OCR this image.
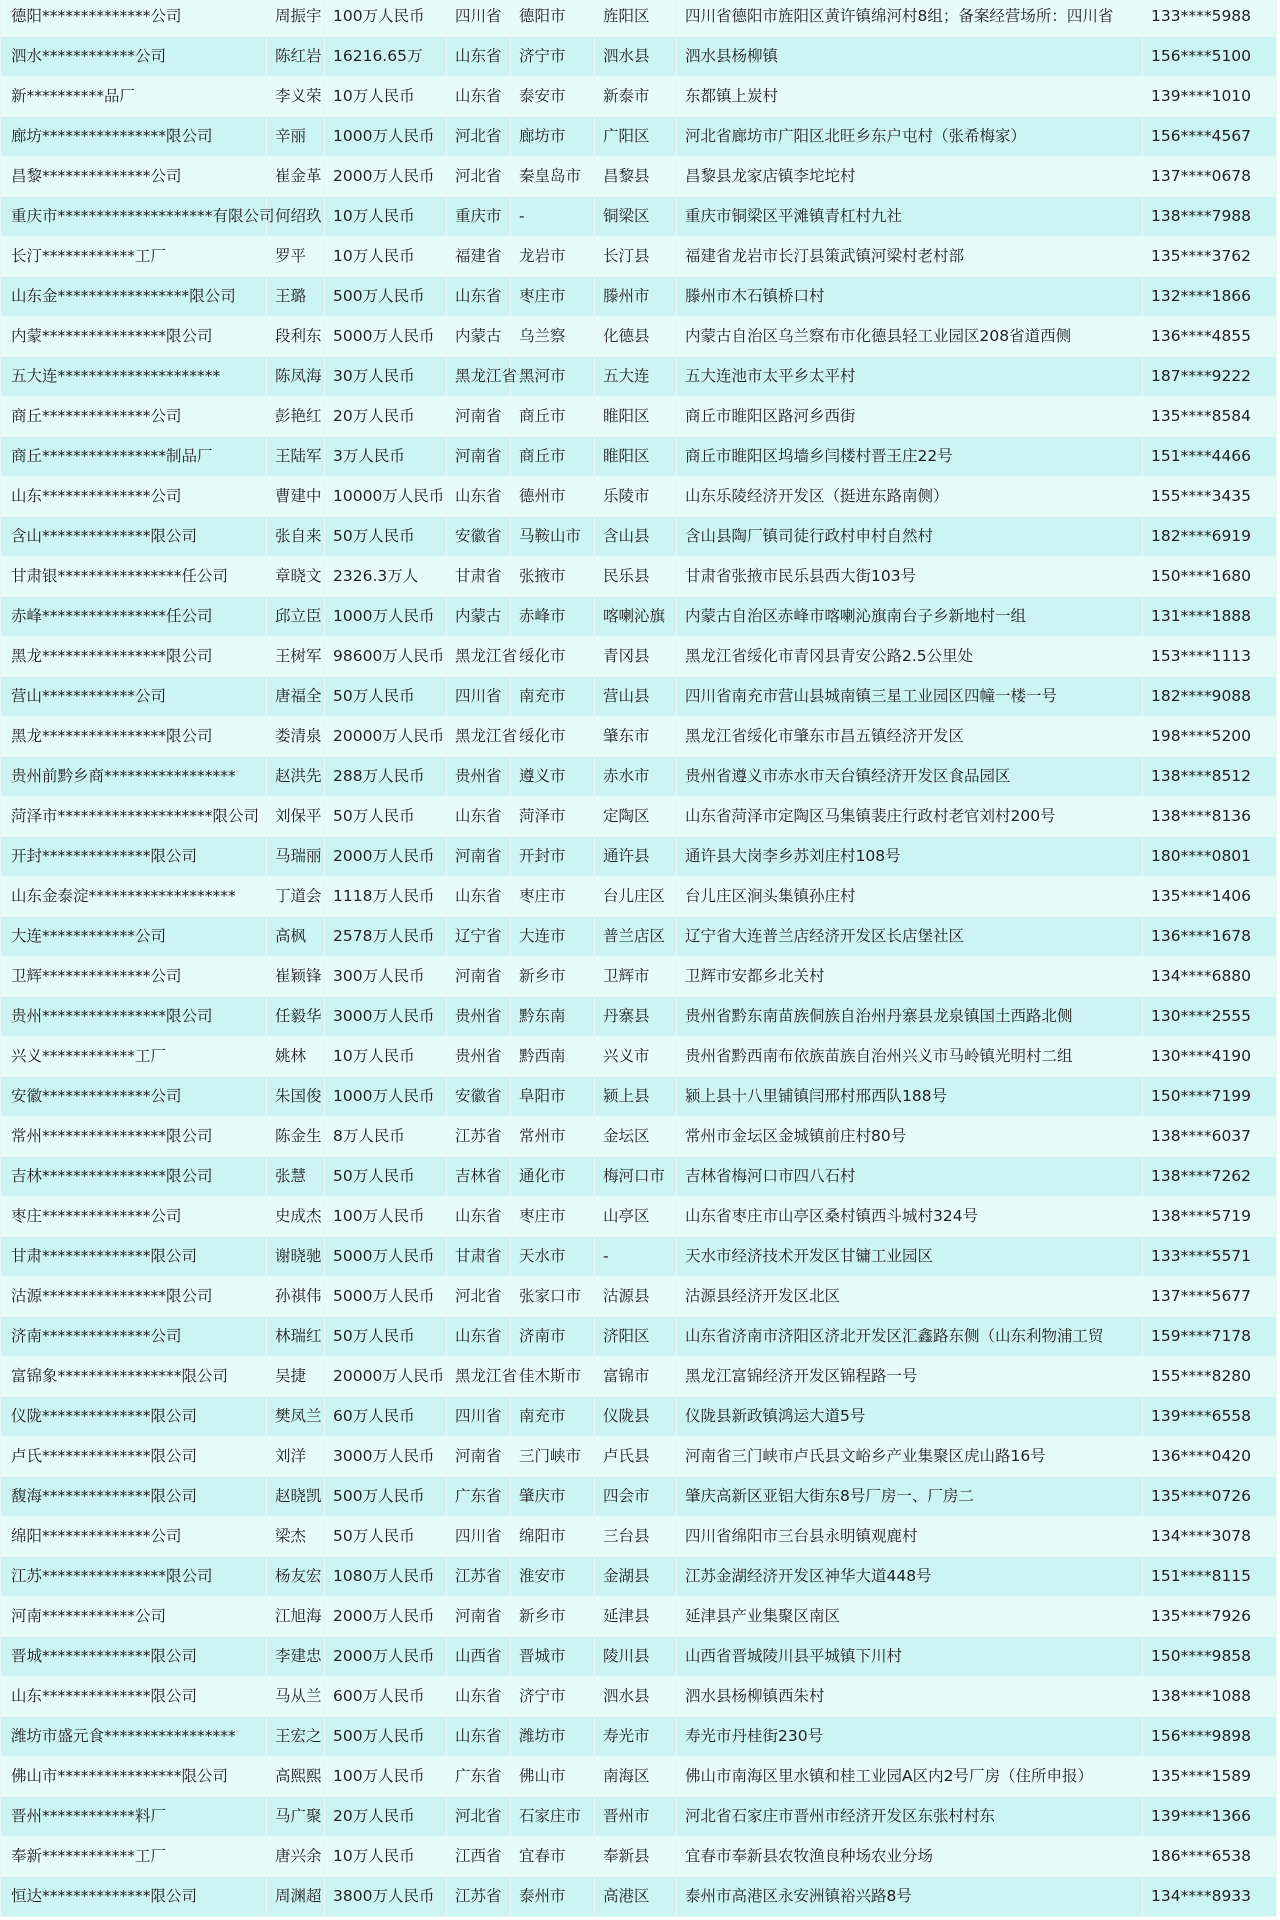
德阳**************公司	周振宇	100万人民币	四川省	德阳市	旌阳区	四川省德阳市旌阳区黄许镇绵河村8组；备案经营场所：四川省	133****5988
泗水************公司	陈红岩	16216.65万	山东省	济宁市	泗水县	泗水县杨柳镇	156****5100
新**********品厂	李义荣	10万人民币	山东省	泰安市	新泰市	东都镇上炭村	139****1010
廊坊****************限公司	辛丽	1000万人民币	河北省	廊坊市	广阳区	河北省廊坊市广阳区北旺乡东户屯村（张希梅家）	156****4567
昌黎**************公司	崔金革	2000万人民币	河北省	秦皇岛市	昌黎县	昌黎县龙家店镇李坨坨村	137****0678
重庆市********************有限公司	何绍玖	10万人民币	重庆市	-	铜梁区	重庆市铜梁区平滩镇青杠村九社	138****7988
长汀************工厂	罗平	10万人民币	福建省	龙岩市	长汀县	福建省龙岩市长汀县策武镇河梁村老村部	135****3762
山东金*****************限公司	王璐	500万人民币	山东省	枣庄市	滕州市	滕州市木石镇桥口村	132****1866
内蒙****************限公司	段利东	5000万人民币	内蒙古	乌兰察	化德县	内蒙古自治区乌兰察布市化德县轻工业园区208省道西侧	136****4855
五大连*********************	陈凤海	30万人民币	黑龙江省	黑河市	五大连	五大连池市太平乡太平村	187****9222
商丘**************公司	彭艳红	20万人民币	河南省	商丘市	睢阳区	商丘市睢阳区路河乡西街	135****8584
商丘****************制品厂	王陆军	3万人民币	河南省	商丘市	睢阳区	商丘市睢阳区坞墙乡闫楼村晋王庄22号	151****4466
山东**************公司	曹建中	10000万人民币	山东省	德州市	乐陵市	山东乐陵经济开发区（挺进东路南侧）	155****3435
含山**************限公司	张自来	50万人民币	安徽省	马鞍山市	含山县	含山县陶厂镇司徒行政村申村自然村	182****6919
甘肃银****************任公司	章晓文	2326.3万人	甘肃省	张掖市	民乐县	甘肃省张掖市民乐县西大街103号	150****1680
赤峰****************任公司	邱立臣	1000万人民币	内蒙古	赤峰市	喀喇沁旗	内蒙古自治区赤峰市喀喇沁旗南台子乡新地村一组	131****1888
黑龙****************限公司	王树军	98600万人民币	黑龙江省	绥化市	青冈县	黑龙江省绥化市青冈县青安公路2.5公里处	153****1113
营山************公司	唐福全	50万人民币	四川省	南充市	营山县	四川省南充市营山县城南镇三星工业园区四幢一楼一号	182****9088
黑龙****************限公司	娄清泉	20000万人民币	黑龙江省	绥化市	肇东市	黑龙江省绥化市肇东市昌五镇经济开发区	198****5200
贵州前黔乡商*****************	赵洪先	288万人民币	贵州省	遵义市	赤水市	贵州省遵义市赤水市天台镇经济开发区食品园区	138****8512
菏泽市********************限公司	刘保平	50万人民币	山东省	菏泽市	定陶区	山东省菏泽市定陶区马集镇裴庄行政村老官刘村200号	138****8136
开封**************限公司	马瑞丽	2000万人民币	河南省	开封市	通许县	通许县大岗李乡苏刘庄村108号	180****0801
山东金泰淀*******************	丁道会	1118万人民币	山东省	枣庄市	台儿庄区	台儿庄区涧头集镇孙庄村	135****1406
大连************公司	高枫	2578万人民币	辽宁省	大连市	普兰店区	辽宁省大连普兰店经济开发区长店堡社区	136****1678
卫辉**************公司	崔颖锋	300万人民币	河南省	新乡市	卫辉市	卫辉市安都乡北关村	134****6880
贵州****************限公司	任毅华	3000万人民币	贵州省	黔东南	丹寨县	贵州省黔东南苗族侗族自治州丹寨县龙泉镇国土西路北侧	130****2555
兴义************工厂	姚林	10万人民币	贵州省	黔西南	兴义市	贵州省黔西南布依族苗族自治州兴义市马岭镇光明村二组	130****4190
安徽**************公司	朱国俊	1000万人民币	安徽省	阜阳市	颍上县	颍上县十八里铺镇闫邢村邢西队188号	150****7199
常州****************限公司	陈金生	8万人民币	江苏省	常州市	金坛区	常州市金坛区金城镇前庄村80号	138****6037
吉林****************限公司	张慧	50万人民币	吉林省	通化市	梅河口市	吉林省梅河口市四八石村	138****7262
枣庄**************公司	史成杰	100万人民币	山东省	枣庄市	山亭区	山东省枣庄市山亭区桑村镇西斗城村324号	138****5719
甘肃**************限公司	谢晓驰	5000万人民币	甘肃省	天水市	-	天水市经济技术开发区甘镛工业园区	133****5571
沽源****************限公司	孙祺伟	5000万人民币	河北省	张家口市	沽源县	沽源县经济开发区北区	137****5677
济南**************公司	林瑞红	50万人民币	山东省	济南市	济阳区	山东省济南市济阳区济北开发区汇鑫路东侧（山东利物浦工贸	159****7178
富锦象****************限公司	吴捷	20000万人民币	黑龙江省	佳木斯市	富锦市	黑龙江富锦经济开发区锦程路一号	155****8280
仪陇**************限公司	樊凤兰	60万人民币	四川省	南充市	仪陇县	仪陇县新政镇鸿运大道5号	139****6558
卢氏**************限公司	刘洋	3000万人民币	河南省	三门峡市	卢氏县	河南省三门峡市卢氏县文峪乡产业集聚区虎山路16号	136****0420
馥海**************限公司	赵晓凯	500万人民币	广东省	肇庆市	四会市	肇庆高新区亚铝大街东8号厂房一、厂房二	135****0726
绵阳**************公司	梁杰	50万人民币	四川省	绵阳市	三台县	四川省绵阳市三台县永明镇观鹿村	134****3078
江苏****************限公司	杨友宏	1080万人民币	江苏省	淮安市	金湖县	江苏金湖经济开发区神华大道448号	151****8115
河南************公司	江旭海	2000万人民币	河南省	新乡市	延津县	延津县产业集聚区南区	135****7926
晋城**************限公司	李建忠	2000万人民币	山西省	晋城市	陵川县	山西省晋城陵川县平城镇下川村	150****9858
山东**************限公司	马从兰	600万人民币	山东省	济宁市	泗水县	泗水县杨柳镇西朱村	138****1088
潍坊市盛元食*****************	王宏之	500万人民币	山东省	潍坊市	寿光市	寿光市丹桂街230号	156****9898
佛山市****************限公司	高熙熙	100万人民币	广东省	佛山市	南海区	佛山市南海区里水镇和桂工业园A区内2号厂房（住所申报）	135****1589
晋州************料厂	马广聚	20万人民币	河北省	石家庄市	晋州市	河北省石家庄市晋州市经济开发区东张村村东	139****1366
奉新************工厂	唐兴余	10万人民币	江西省	宜春市	奉新县	宜春市奉新县农牧渔良种场农业分场	186****6538
恒达**************限公司	周渊超	3800万人民币	江苏省	泰州市	高港区	泰州市高港区永安洲镇裕兴路8号	134****8933
